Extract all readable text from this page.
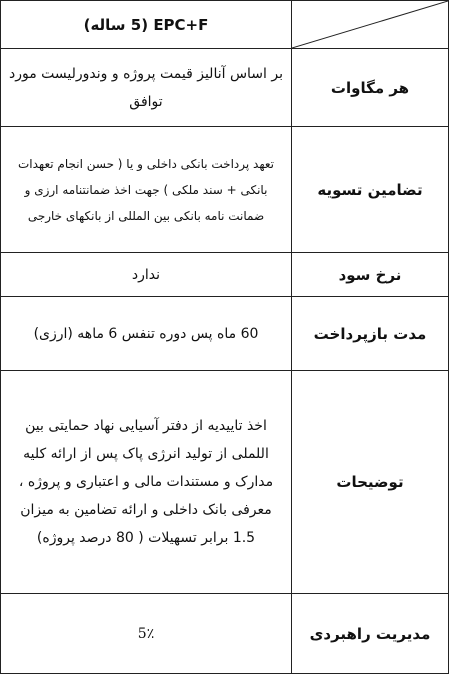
	EPC+F (5 ساله)
هر مگاوات	بر اساس آنالیز قیمت پروژه و وندورلیست مورد توافق
تضامین تسویه	تعهد پرداخت بانکی داخلی و یا ( حسن انجام تعهدات بانکی + سند ملکی ) جهت اخذ ضمانتنامه ارزی و ضمانت نامه بانکی بین المللی از بانکهای خارجی
نرخ سود	ندارد
مدت بازپرداخت	60 ماه پس دوره تنفس 6 ماهه (ارزی)
توضیحات	اخذ تاییدیه از دفتر آسیایی نهاد حمایتی بین اللملی از تولید انرژی پاک پس از ارائه کلیه مدارک و مستندات مالی و اعتباری و پروژه ، معرفی بانک داخلی و ارائه تضامین به میزان 1.5 برابر تسهیلات ( 80 درصد پروژه)
مدیریت راهبردی	5٪
